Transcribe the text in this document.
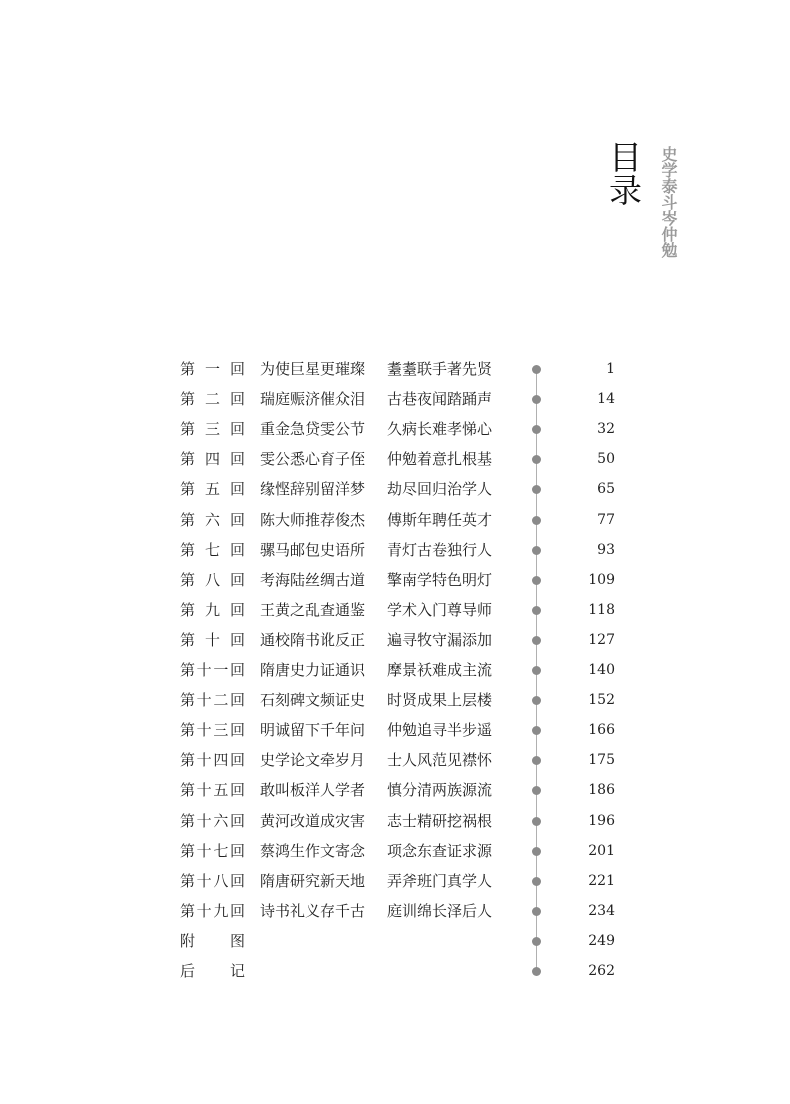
目录	史学泰斗岑仲勉
第 一 回 为使巨星更璀璨 耋耋联手著先贤	1
第 二 回 瑞庭赈济催众泪 古巷夜闻踏踊声	14
第 三 回 重金急贷雯公节 久病长难孝悌心	32
第 四 回 雯公悉心育子侄 仲勉着意扎根基	50
第 五 回 缘悭辞别留洋梦 劫尽回归治学人	65
第 六 回 陈大师推荐俊杰 傅斯年聘任英才	77
第 七 回 骡马邮包史语所 青灯古卷独行人	93
第 八 回 考海陆丝绸古道 擎南学特色明灯	109
第 九 回 王黄之乱查通鉴 学术入门尊导师	118
第 十 回 通校隋书讹反正 遍寻牧守漏添加	127
第十一回 隋唐史力证通识 摩景袄难成主流	140
第十二回 石刻碑文频证史 时贤成果上层楼	152
第十三回 明诚留下千年问 仲勉追寻半步遥	166
第十四回 史学论文牵岁月 士人风范见襟怀	175
第十五回 敢叫板洋人学者 慎分清两族源流	186
第十六回 黄河改道成灾害 志士精研挖祸根	196
第十七回 蔡鸿生作文寄念 项念东查证求源	201
第十八回 隋唐研究新天地 弄斧班门真学人	221
第十九回 诗书礼义存千古 庭训绵长泽后人	234
附 图	249
后 记	262
